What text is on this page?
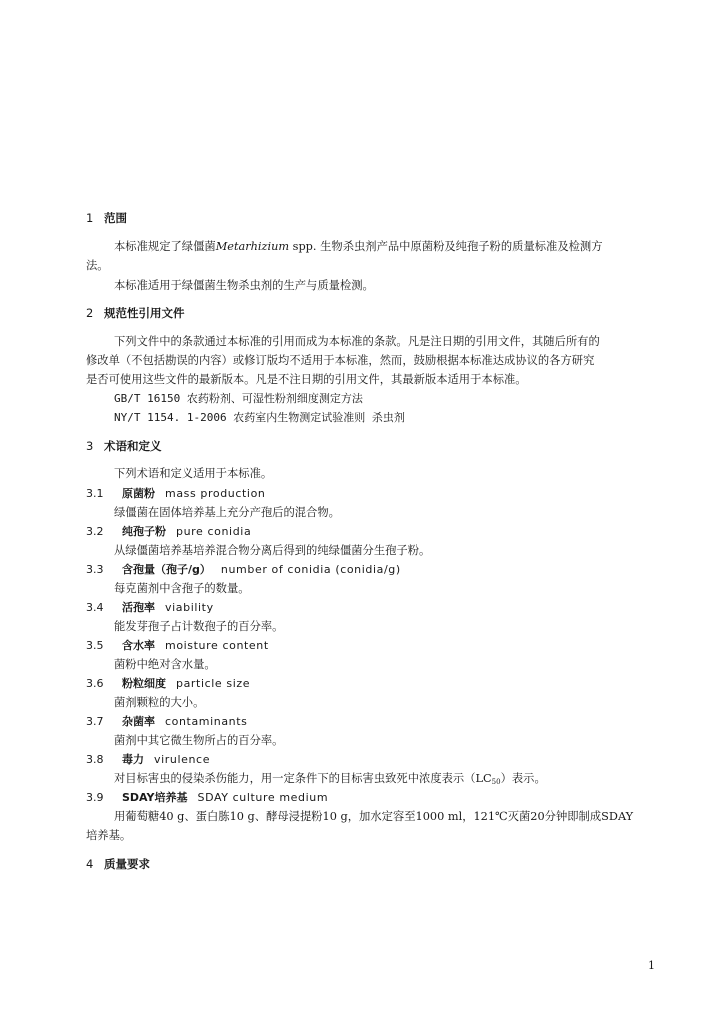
1 范围
本标准规定了绿僵菌Metarhizium spp. 生物杀虫剂产品中原菌粉及纯孢子粉的质量标准及检测方
法。
本标准适用于绿僵菌生物杀虫剂的生产与质量检测。
2 规范性引用文件
下列文件中的条款通过本标准的引用而成为本标准的条款。凡是注日期的引用文件，其随后所有的
修改单（不包括勘误的内容）或修订版均不适用于本标准，然而，鼓励根据本标准达成协议的各方研究
是否可使用这些文件的最新版本。凡是不注日期的引用文件，其最新版本适用于本标准。
GB/T 16150 农药粉剂、可湿性粉剂细度测定方法
NY/T 1154. 1-2006 农药室内生物测定试验准则 杀虫剂
3 术语和定义
下列术语和定义适用于本标准。
3.1 原菌粉 mass production
绿僵菌在固体培养基上充分产孢后的混合物。
3.2 纯孢子粉 pure conidia
从绿僵菌培养基培养混合物分离后得到的纯绿僵菌分生孢子粉。
3.3 含孢量（孢子/g） number of conidia (conidia/g)
每克菌剂中含孢子的数量。
3.4 活孢率 viability
能发芽孢子占计数孢子的百分率。
3.5 含水率 moisture content
菌粉中绝对含水量。
3.6 粉粒细度 particle size
菌剂颗粒的大小。
3.7 杂菌率 contaminants
菌剂中其它微生物所占的百分率。
3.8 毒力 virulence
对目标害虫的侵染杀伤能力，用一定条件下的目标害虫致死中浓度表示$(LC_{50})$表示。
3.9 SDAY培养基 SDAY culture medium
用葡萄糖40 g、蛋白胨10 g、酵母浸提粉10 g，加水定容至1000 ml，121℃灭菌20分钟即制成SDAY
培养基。
4 质量要求
1
